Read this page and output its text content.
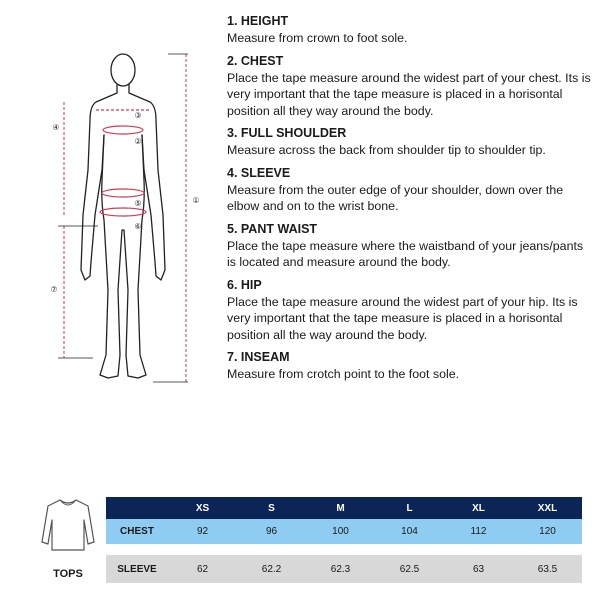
①
②
③
④
⑤
⑥
⑦
1. HEIGHT
Measure from crown to foot sole.
2. CHEST
Place the tape measure around the widest part of your chest. Its is very important that the tape measure is placed in a horisontal position all they way around the body.
3. FULL SHOULDER
Measure across the back from shoulder tip to shoulder tip.
4. SLEEVE
Measure from the outer edge of your shoulder, down over the elbow and on to the wrist bone.
5. PANT WAIST
Place the tape measure where the waistband of your jeans/pants is located and measure around the body.
6. HIP
Place the tape measure around the widest part of your hip. Its is very important that the tape measure is placed in a horisontal position all the way around the body.
7. INSEAM
Measure from crotch point to the foot sole.
TOPS
XS	S	M	L	XL	XXL
CHEST	92	96	100	104	112	120
SLEEVE	62	62.2	62.3	62.5	63	63.5
